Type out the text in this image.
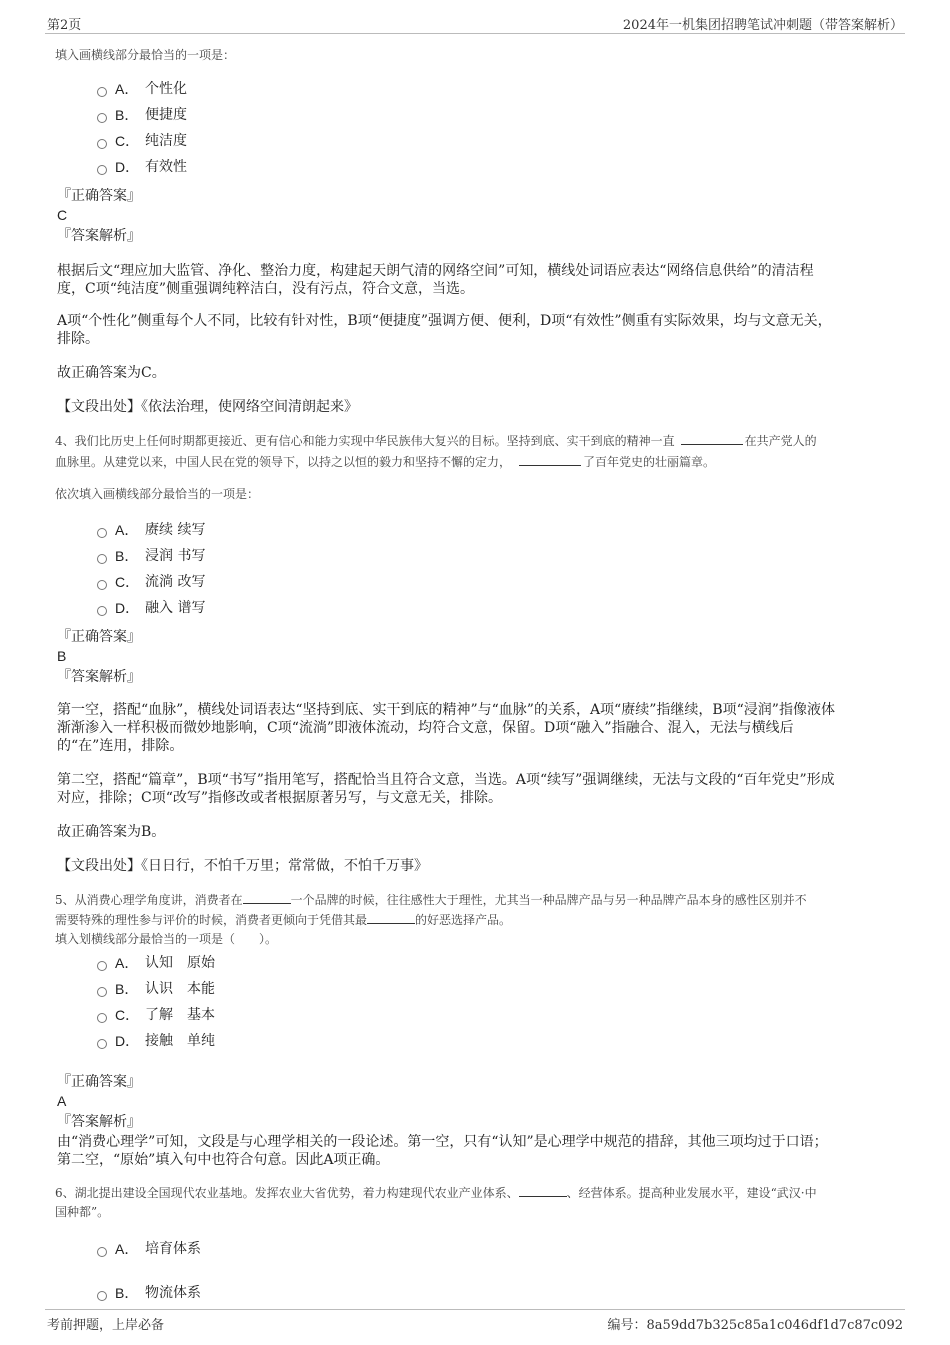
第2页	2024年一机集团招聘笔试冲刺题（带答案解析）
填入画横线部分最恰当的一项是：
A． 个性化
B． 便捷度
C． 纯洁度
D． 有效性
『正确答案』
C
『答案解析』
根据后文“理应加大监管、净化、整治力度，构建起天朗气清的网络空间”可知，横线处词语应表达“网络信息供给”的清洁程
度，C项“纯洁度”侧重强调纯粹洁白，没有污点，符合文意，当选。
A项“个性化”侧重每个人不同，比较有针对性，B项“便捷度”强调方便、便利，D项“有效性”侧重有实际效果，均与文意无关，
排除。
故正确答案为C。
【文段出处】《依法治理，使网络空间清朗起来》
4、我们比历史上任何时期都更接近、更有信心和能力实现中华民族伟大复兴的目标。坚持到底、实干到底的精神一直	在共产党人的
血脉里。从建党以来，中国人民在党的领导下，以持之以恒的毅力和坚持不懈的定力，	了百年党史的壮丽篇章。
依次填入画横线部分最恰当的一项是：
A． 赓续 续写
B． 浸润 书写
C． 流淌 改写
D． 融入 谱写
『正确答案』
B
『答案解析』
第一空，搭配“血脉”，横线处词语表达“坚持到底、实干到底的精神”与“血脉”的关系，A项“赓续”指继续，B项“浸润”指像液体
渐渐渗入一样积极而微妙地影响，C项“流淌”即液体流动，均符合文意，保留。D项“融入”指融合、混入，无法与横线后
的“在”连用，排除。
第二空，搭配“篇章”，B项“书写”指用笔写，搭配恰当且符合文意，当选。A项“续写”强调继续，无法与文段的“百年党史”形成
对应，排除；C项“改写”指修改或者根据原著另写，与文意无关，排除。
故正确答案为B。
【文段出处】《日日行，不怕千万里；常常做，不怕千万事》
5、从消费心理学角度讲，消费者在	一个品牌的时候，往往感性大于理性，尤其当一种品牌产品与另一种品牌产品本身的感性区别并不
需要特殊的理性参与评价的时候，消费者更倾向于凭借其最	的好恶选择产品。
填入划横线部分最恰当的一项是（　　）。
A． 认知　原始
B． 认识　本能
C． 了解　基本
D． 接触　单纯
『正确答案』
A
『答案解析』
由“消费心理学”可知，文段是与心理学相关的一段论述。第一空，只有“认知”是心理学中规范的措辞，其他三项均过于口语；
第二空，“原始”填入句中也符合句意。因此A项正确。
6、湖北提出建设全国现代农业基地。发挥农业大省优势，着力构建现代农业产业体系、	、经营体系。提高种业发展水平，建设“武汉·中
国种都”。
A． 培育体系
B． 物流体系
考前押题，上岸必备	编号：8a59dd7b325c85a1c046df1d7c87c092
